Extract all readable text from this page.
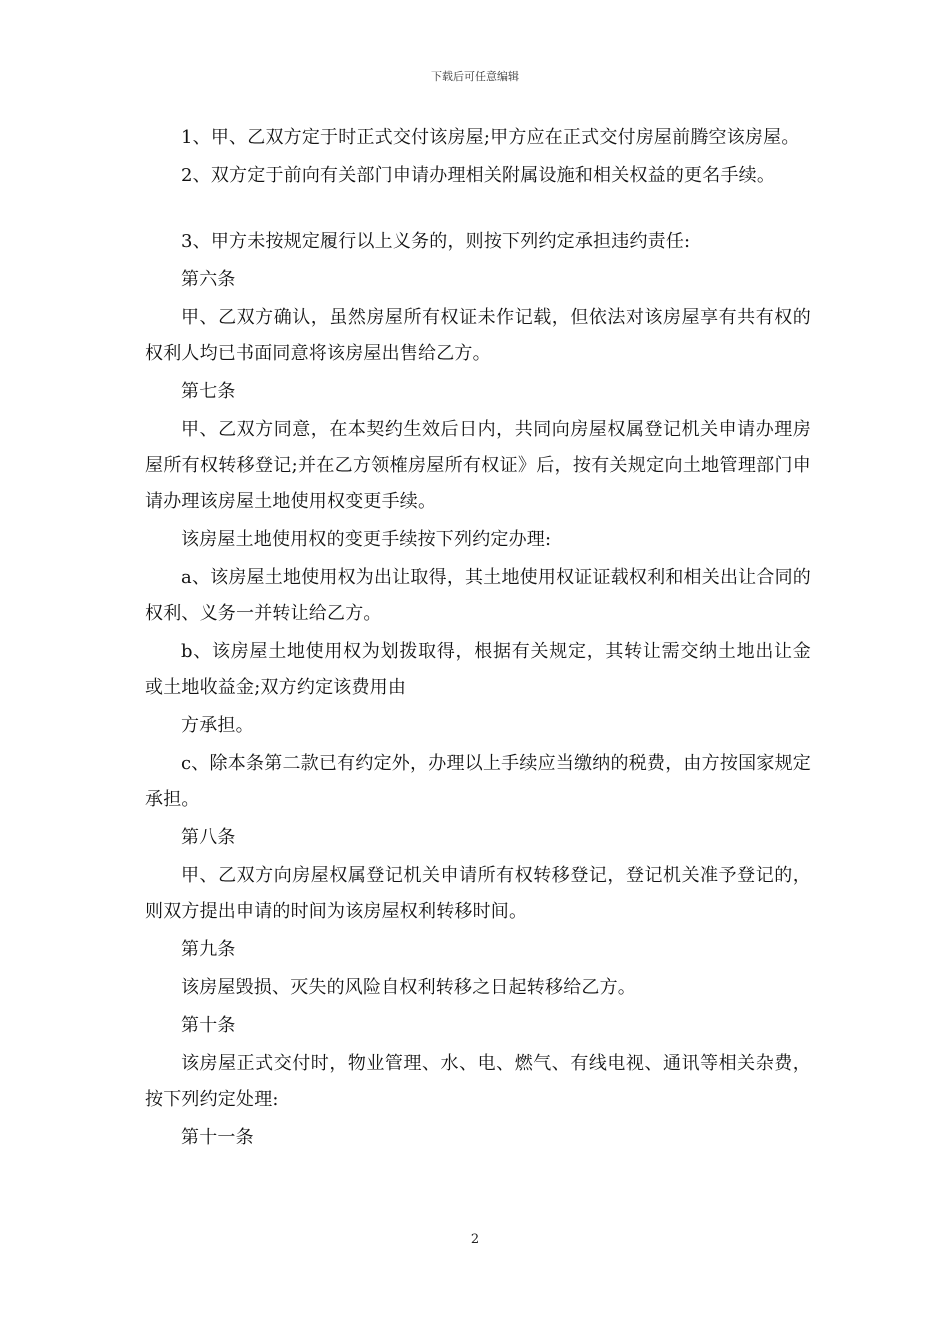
下载后可任意编辑

1、甲、乙双方定于时正式交付该房屋;甲方应在正式交付房屋前腾空该房屋。

2、双方定于前向有关部门申请办理相关附属设施和相关权益的更名手续。

3、甲方未按规定履行以上义务的，则按下列约定承担违约责任:

第六条

甲、乙双方确认，虽然房屋所有权证未作记载，但依法对该房屋享有共有权的权利人均已书面同意将该房屋出售给乙方。

第七条

甲、乙双方同意，在本契约生效后日内，共同向房屋权属登记机关申请办理房屋所有权转移登记;并在乙方领榷房屋所有权证》后，按有关规定向土地管理部门申请办理该房屋土地使用权变更手续。

该房屋土地使用权的变更手续按下列约定办理:

a、该房屋土地使用权为出让取得，其土地使用权证证载权利和相关出让合同的权利、义务一并转让给乙方。

b、该房屋土地使用权为划拨取得，根据有关规定，其转让需交纳土地出让金或土地收益金;双方约定该费用由

方承担。

c、除本条第二款已有约定外，办理以上手续应当缴纳的税费，由方按国家规定承担。

第八条

甲、乙双方向房屋权属登记机关申请所有权转移登记，登记机关准予登记的，则双方提出申请的时间为该房屋权利转移时间。

第九条

该房屋毁损、灭失的风险自权利转移之日起转移给乙方。

第十条

该房屋正式交付时，物业管理、水、电、燃气、有线电视、通讯等相关杂费，按下列约定处理:

第十一条

2
